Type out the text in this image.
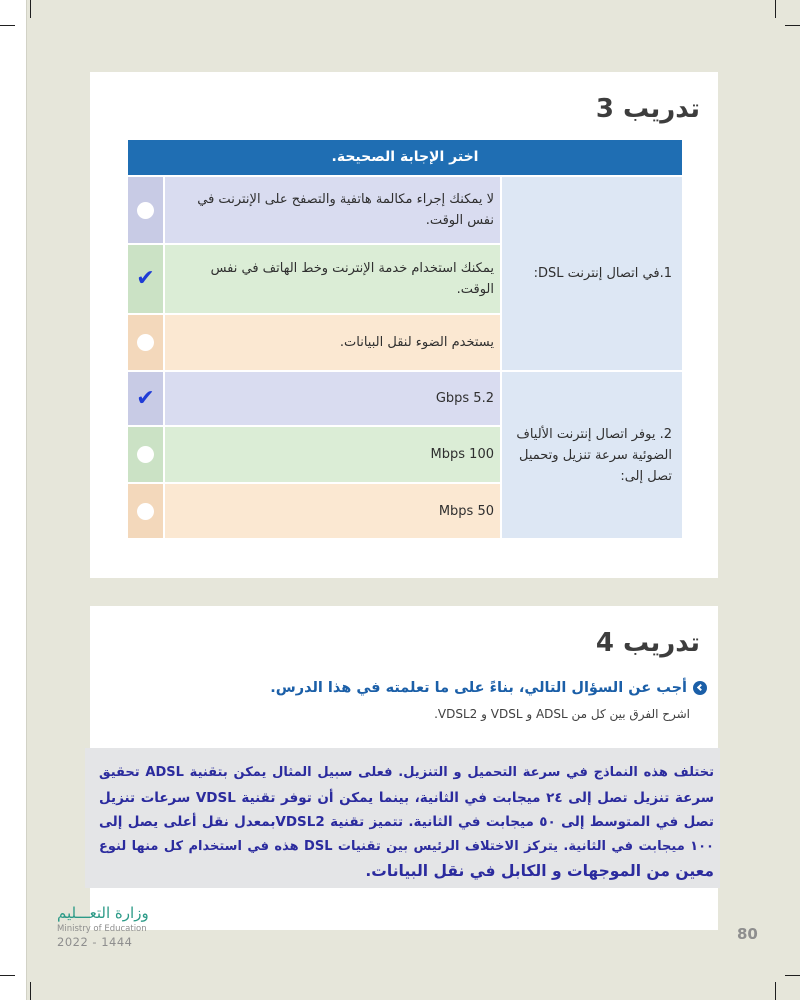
تدريب 3
اختر الإجابة الصحيحة.
1.في اتصال إنترنت DSL:
لا يمكنك إجراء مكالمة هاتفية والتصفح على الإنترنت في نفس الوقت.
يمكنك استخدام خدمة الإنترنت وخط الهاتف في نفس الوقت.
✔
يستخدم الضوء لنقل البيانات.
2. يوفر اتصال إنترنت الألياف الضوئية سرعة تنزيل وتحميل تصل إلى:
Gbps 5.2
✔
Mbps 100
Mbps 50
تدريب 4
أجب عن السؤال التالي، بناءً على ما تعلمته في هذا الدرس.
اشرح الفرق بين كل من ADSL و VDSL و VDSL2.
تختلف هذه النماذج في سرعة التحميل و التنزيل. فعلى سبيل المثال يمكن بتقنية ADSL تحقيق
سرعة تنزيل تصل إلى ٢٤ ميجابت في الثانية، بينما يمكن أن توفر تقنية VDSL سرعات تنزيل
تصل في المتوسط إلى ٥٠ ميجابت في الثانية. تتميز تقنية VDSL2بمعدل نقل أعلى يصل إلى
١٠٠ ميجابت في الثانية. يتركز الاختلاف الرئيس بين تقنيات DSL هذه في استخدام كل منها لنوع
معين من الموجهات و الكابل في نقل البيانات.
وزارة التعـــليم
Ministry of Education
2022 - 1444	80
